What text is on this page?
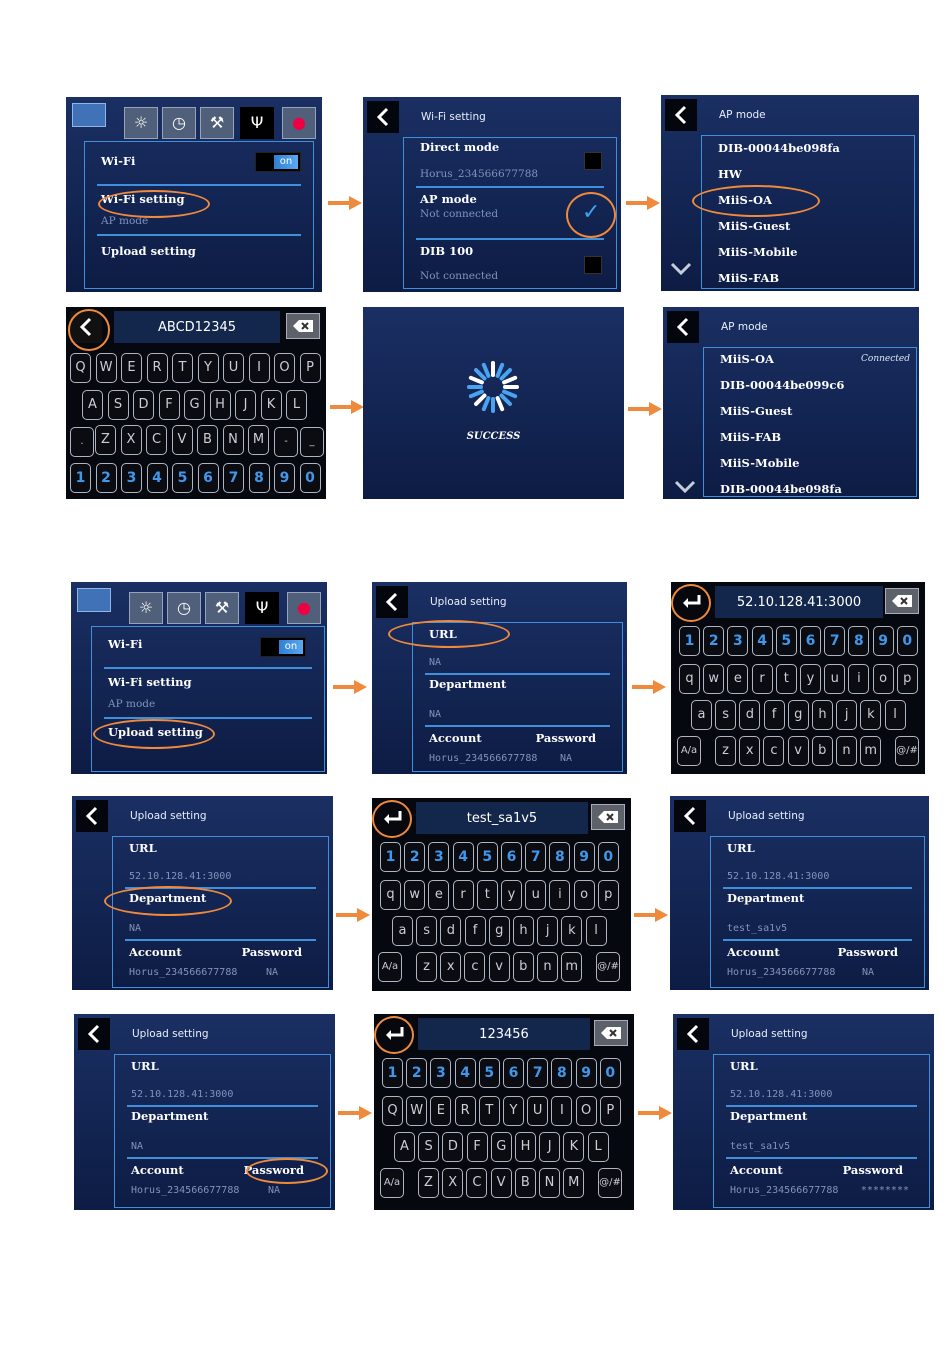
☼	◷	⚒	Ψ	●
Wi-Fi	on
Wi-Fi setting
AP mode
Upload setting
Wi-Fi setting
Direct mode
Horus_234566677788
AP mode
Not connected	✓
DIB 100
Not connected
AP mode
DIB-00044be098fa
HW
MiiS-OA
MiiS-Guest
MiiS-Mobile
MiiS-FAB
ABCD12345
Q	W	E	R	T	Y	U	I	O	P
A	S	D	F	G	H	J	K	L
.	Z	X	C	V	B	N	M	-	_
1	2	3	4	5	6	7	8	9	0
SUCCESS
AP mode
MiiS-OA	Connected
DIB-00044be099c6
MiiS-Guest
MiiS-FAB
MiiS-Mobile
DIB-00044be098fa
☼	◷	⚒	Ψ	●
Wi-Fi	on
Wi-Fi setting
AP mode
Upload setting
Upload setting
URL
NA
Department
NA
Account	Password
Horus_234566677788 NA
52.10.128.41:3000
1	2	3	4	5	6	7	8	9	0
q	w	e	r	t	y	u	i	o	p
a	s	d	f	g	h	j	k	l
A/a	z	x	c	v	b	n	m	@/#
Upload setting
URL
52.10.128.41:3000
Department
NA
Account	Password
Horus_234566677788	NA
test_sa1v5
1	2	3	4	5	6	7	8	9	0
q	w	e	r	t	y	u	i	o	p
a	s	d	f	g	h	j	k	l
A/a	z	x	c	v	b	n	m	@/#
Upload setting
URL
52.10.128.41:3000
Department
test_sa1v5
Account	Password
Horus_234566677788	NA
Upload setting
URL
52.10.128.41:3000
Department
NA
Account	Password
Horus_234566677788	NA
123456
1	2	3	4	5	6	7	8	9	0
Q W	E	R	T	Y	U	I	O	P
A	S	D	F	G	H	J	K	L
A/a	Z	X	C	V	B	N	M	@/#
Upload setting
URL
52.10.128.41:3000
Department
test_sa1v5
Account	Password
Horus_234566677788 ********
